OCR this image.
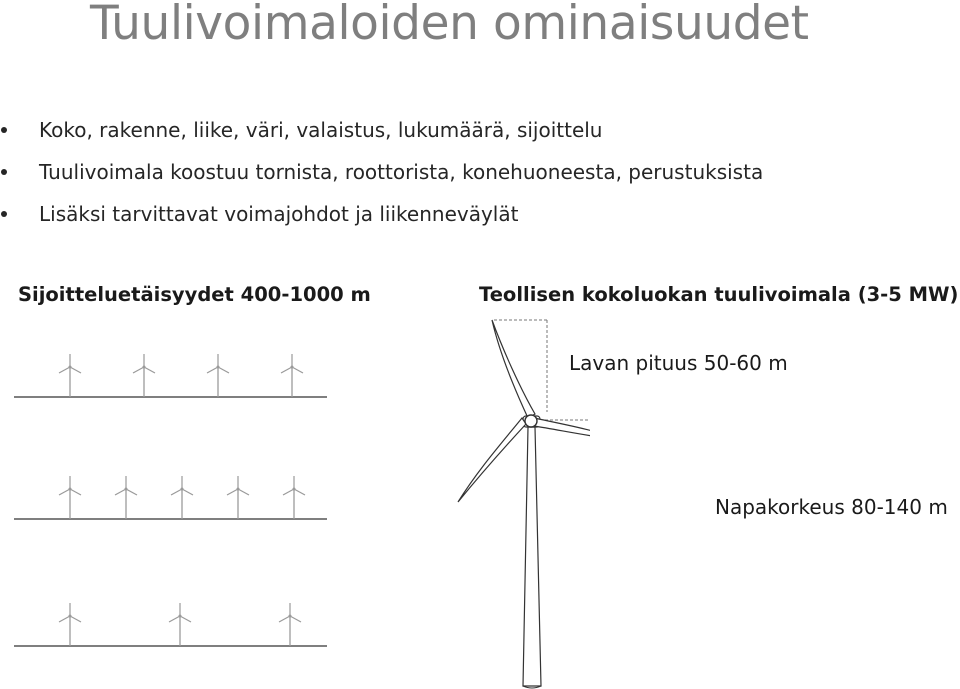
Tuulivoimaloiden ominaisuudet
Koko, rakenne, liike, väri, valaistus, lukumäärä, sijoittelu
Tuulivoimala koostuu tornista, roottorista, konehuoneesta, perustuksista
Lisäksi tarvittavat voimajohdot ja liikenneväylät
Sijoitteluetäisyydet 400-1000 m	Teollisen kokoluokan tuulivoimala (3-5 MW)
Lavan pituus 50-60 m
Napakorkeus 80-140 m
